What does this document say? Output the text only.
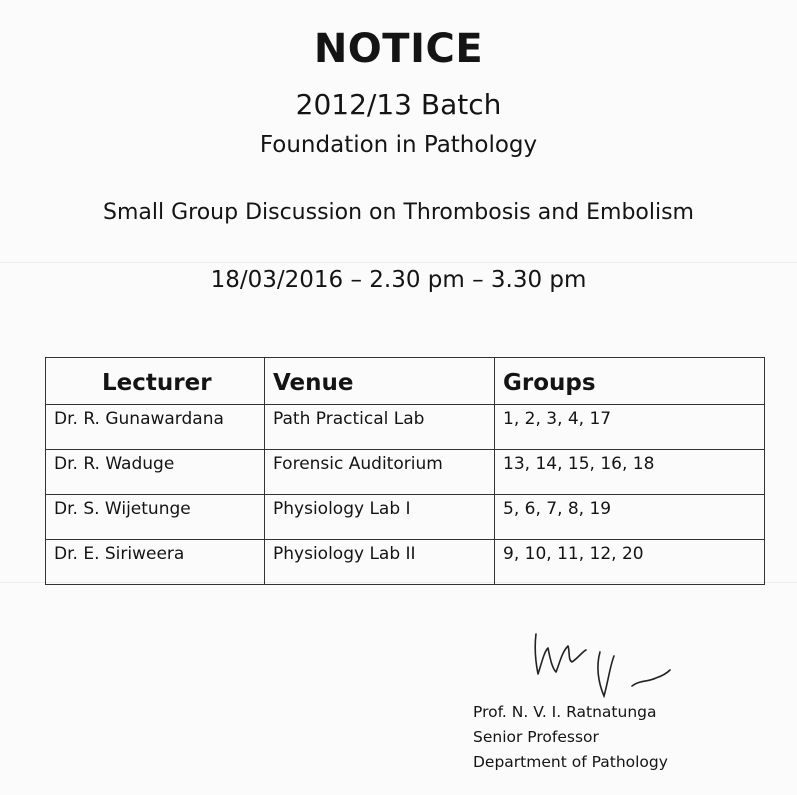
NOTICE
2012/13 Batch
Foundation in Pathology
Small Group Discussion on Thrombosis and Embolism
18/03/2016 – 2.30 pm – 3.30 pm
Lecturer	Venue	Groups
Dr. R. Gunawardana	Path Practical Lab	1, 2, 3, 4, 17
Dr. R. Waduge	Forensic Auditorium	13, 14, 15, 16, 18
Dr. S. Wijetunge	Physiology Lab I	5, 6, 7, 8, 19
Dr. E. Siriweera	Physiology Lab II	9, 10, 11, 12, 20
Prof. N. V. I. Ratnatunga
Senior Professor
Department of Pathology
